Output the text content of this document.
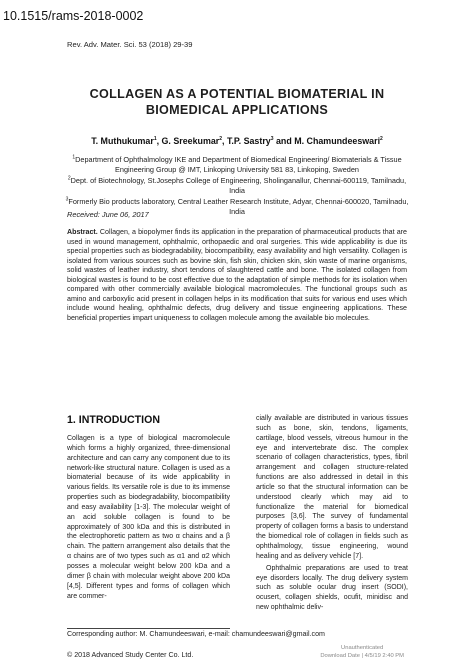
10.1515/rams-2018-0002
Rev. Adv. Mater. Sci. 53 (2018) 29-39
COLLAGEN AS A POTENTIAL BIOMATERIAL IN BIOMEDICAL APPLICATIONS
T. Muthukumar$^1$, G. Sreekumar$^2$, T.P. Sastry$^3$ and M. Chamundeeswari$^2$
$^1$Department of Ophthalmology IKE and Department of Biomedical Engineering/ Biomaterials & Tissue Engineering Group @ IMT, Linkoping University 581 83, Linkoping, Sweden
$^2$Dept. of Biotechnology, St.Josephs College of Engineering, Sholinganallur, Chennai-600119, Tamilnadu, India
$^3$Formerly Bio products laboratory, Central Leather Research Institute, Adyar, Chennai-600020, Tamilnadu, India
Received: June 06, 2017
Abstract. Collagen, a biopolymer finds its application in the preparation of pharmaceutical products that are used in wound management, ophthalmic, orthopaedic and oral surgeries. This wide applicability is due its special properties such as biodegradability, biocompatibility, easy availability and high versatility. Collagen is isolated from various sources such as bovine skin, fish skin, chicken skin, skin waste of marine organisms, solid wastes of leather industry, short tendons of slaughtered cattle and bone. The isolated collagen from biological wastes is found to be cost effective due to the adaptation of simple methods for its isolation when compared with other commercially available biological macromolecules. The functional groups such as amino and carboxylic acid present in collagen helps in its modification that suits for various end uses which include wound healing, ophthalmic defects, drug delivery and tissue engineering applications. These beneficial properties impart uniqueness to collagen molecule among the available bio molecules.
1. INTRODUCTION

Collagen is a type of biological macromolecule which forms a highly organized, three-dimensional architecture and can carry any component due to its network-like structural nature. Collagen is used as a biomaterial because of its wide applicability in various fields. Its versatile role is due to its immense properties such as biodegradability, biocompatibility and easy availability [1-3]. The molecular weight of an acid soluble collagen is found to be approximately of 300 kDa and this is distributed in the electrophoretic pattern as two α chains and a β chain. The pattern arrangement also details that the α chains are of two types such as α1 and α2 which posses a molecular weight below 200 kDa and a dimer β chain with molecular weight above 200 kDa [4,5]. Different types and forms of collagen which are commer-

cially available are distributed in various tissues such as bone, skin, tendons, ligaments, cartilage, blood vessels, vitreous humour in the eye and intervertebrate disc. The complex scenario of collagen characteristics, types, fibril arrangement and collagen structure-related functions are also addressed in detail in this article so that the structural information can be understood clearly which may aid to functionalize the material for biomedical purposes [3,6]. The survey of fundamental property of collagen forms a basis to understand the biomedical role of collagen in fields such as ophthalmology, tissue engineering, wound healing and as delivery vehicle [7].

Ophthalmic preparations are used to treat eye disorders locally. The drug delivery system such as soluble ocular drug insert (SODI), ocusert, collagen shields, ocufit, minidisc and new ophthalmic deliv-

Corresponding author: M. Chamundeeswari, e-mail: chamundeeswari@gmail.com
© 2018 Advanced Study Center Co. Ltd.
Unauthenticated
Download Date | 4/5/19 2:40 PM
